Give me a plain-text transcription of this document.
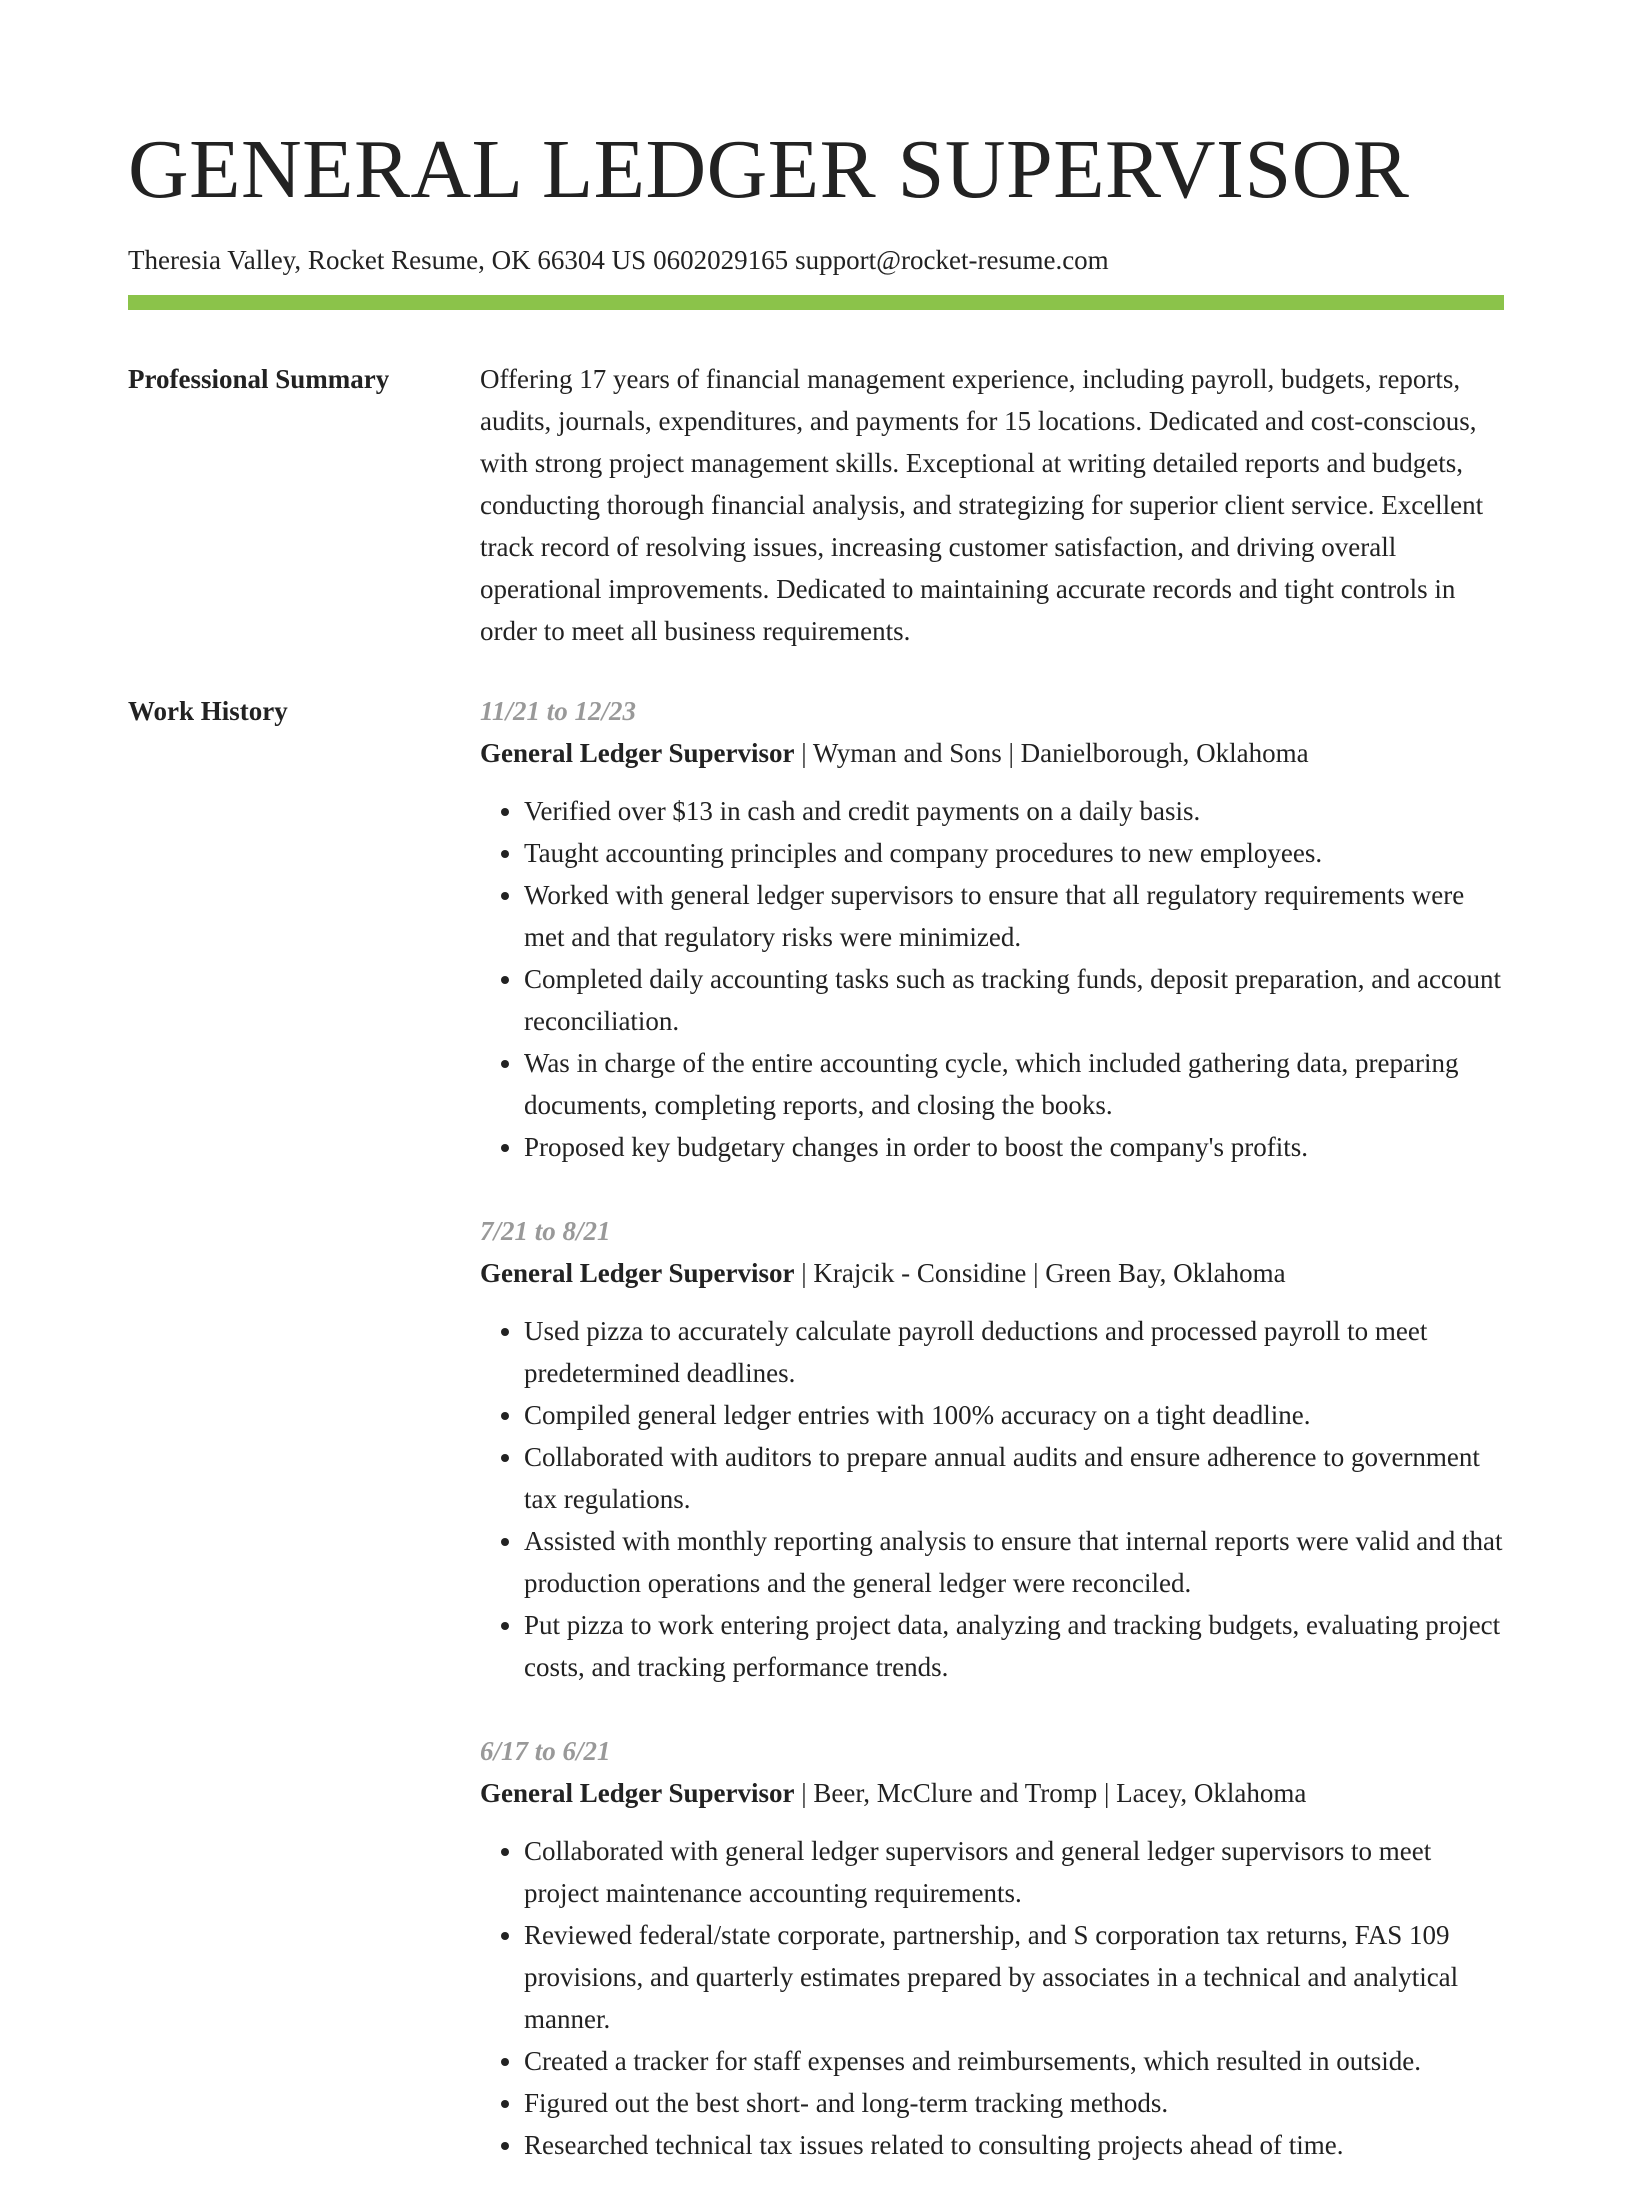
GENERAL LEDGER SUPERVISOR
Theresia Valley, Rocket Resume, OK 66304 US 0602029165 support@rocket-resume.com
Professional Summary	Offering 17 years of financial management experience, including payroll, budgets, reports, audits, journals, expenditures, and payments for 15 locations. Dedicated and cost-conscious, with strong project management skills. Exceptional at writing detailed reports and budgets, conducting thorough financial analysis, and strategizing for superior client service. Excellent track record of resolving issues, increasing customer satisfaction, and driving overall operational improvements. Dedicated to maintaining accurate records and tight controls in order to meet all business requirements.

Work History	11/21 to 12/23
General Ledger Supervisor | Wyman and Sons | Danielborough, Oklahoma
• Verified over $13 in cash and credit payments on a daily basis.
• Taught accounting principles and company procedures to new employees.
• Worked with general ledger supervisors to ensure that all regulatory requirements were met and that regulatory risks were minimized.
• Completed daily accounting tasks such as tracking funds, deposit preparation, and account reconciliation.
• Was in charge of the entire accounting cycle, which included gathering data, preparing documents, completing reports, and closing the books.
• Proposed key budgetary changes in order to boost the company's profits.
7/21 to 8/21
General Ledger Supervisor | Krajcik - Considine | Green Bay, Oklahoma
• Used pizza to accurately calculate payroll deductions and processed payroll to meet predetermined deadlines.
• Compiled general ledger entries with 100% accuracy on a tight deadline.
• Collaborated with auditors to prepare annual audits and ensure adherence to government tax regulations.
• Assisted with monthly reporting analysis to ensure that internal reports were valid and that production operations and the general ledger were reconciled.
• Put pizza to work entering project data, analyzing and tracking budgets, evaluating project costs, and tracking performance trends.
6/17 to 6/21
General Ledger Supervisor | Beer, McClure and Tromp | Lacey, Oklahoma
• Collaborated with general ledger supervisors and general ledger supervisors to meet project maintenance accounting requirements.
• Reviewed federal/state corporate, partnership, and S corporation tax returns, FAS 109 provisions, and quarterly estimates prepared by associates in a technical and analytical manner.
• Created a tracker for staff expenses and reimbursements, which resulted in outside.
• Figured out the best short- and long-term tracking methods.
• Researched technical tax issues related to consulting projects ahead of time.
